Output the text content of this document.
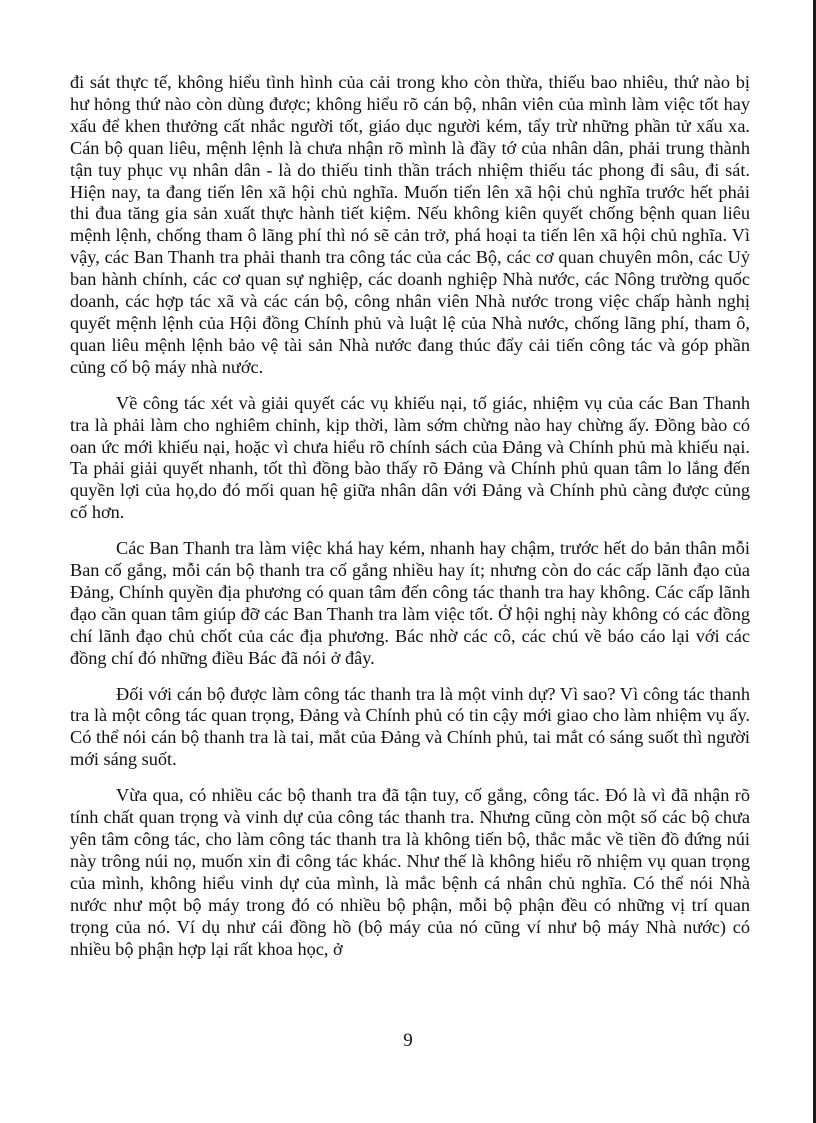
đi sát thực tế, không hiểu tình hình của cải trong kho còn thừa, thiếu bao nhiêu, thứ nào bị hư hỏng thứ nào còn dùng được; không hiểu rõ cán bộ, nhân viên của mình làm việc tốt hay xấu để khen thưởng cất nhắc người tốt, giáo dục người kém, tẩy trừ những phần tử xấu xa. Cán bộ quan liêu, mệnh lệnh là chưa nhận rõ mình là đầy tớ của nhân dân, phải trung thành tận tuy phục vụ nhân dân - là do thiếu tinh thần trách nhiệm thiếu tác phong đi sâu, đi sát. Hiện nay, ta đang tiến lên xã hội chủ nghĩa. Muốn tiến lên xã hội chủ nghĩa trước hết phải thi đua tăng gia sản xuất thực hành tiết kiệm. Nếu không kiên quyết chống bệnh quan liêu mệnh lệnh, chống tham ô lãng phí thì nó sẽ cản trở, phá hoại ta tiến lên xã hội chủ nghĩa. Vì vậy, các Ban Thanh tra phải thanh tra công tác của các Bộ, các cơ quan chuyên môn, các Uỷ ban hành chính, các cơ quan sự nghiệp, các doanh nghiệp Nhà nước, các Nông trường quốc doanh, các hợp tác xã và các cán bộ, công nhân viên Nhà nước trong việc chấp hành nghị quyết mệnh lệnh của Hội đồng Chính phủ và luật lệ của Nhà nước, chống lãng phí, tham ô, quan liêu mệnh lệnh bảo vệ tài sản Nhà nước đang thúc đẩy cải tiến công tác và góp phần củng cố bộ máy nhà nước.

Về công tác xét và giải quyết các vụ khiếu nại, tố giác, nhiệm vụ của các Ban Thanh tra là phải làm cho nghiêm chỉnh, kịp thời, làm sớm chừng nào hay chừng ấy. Đồng bào có oan ức mới khiếu nại, hoặc vì chưa hiểu rõ chính sách của Đảng và Chính phủ mà khiếu nại. Ta phải giải quyết nhanh, tốt thì đồng bào thấy rõ Đảng và Chính phủ quan tâm lo lắng đến quyền lợi của họ,do đó mối quan hệ giữa nhân dân với Đảng và Chính phủ càng được củng cố hơn.

Các Ban Thanh tra làm việc khá hay kém, nhanh hay chậm, trước hết do bản thân mỗi Ban cố gắng, mỗi cán bộ thanh tra cố gắng nhiều hay ít; nhưng còn do các cấp lãnh đạo của Đảng, Chính quyền địa phương có quan tâm đến công tác thanh tra hay không. Các cấp lãnh đạo cần quan tâm giúp đỡ các Ban Thanh tra làm việc tốt. Ở hội nghị này không có các đồng chí lãnh đạo chủ chốt của các địa phương. Bác nhờ các cô, các chú về báo cáo lại với các đồng chí đó những điều Bác đã nói ở đây.

Đối với cán bộ được làm công tác thanh tra là một vinh dự? Vì sao? Vì công tác thanh tra là một công tác quan trọng, Đảng và Chính phủ có tin cậy mới giao cho làm nhiệm vụ ấy. Có thể nói cán bộ thanh tra là tai, mắt của Đảng và Chính phủ, tai mắt có sáng suốt thì người mới sáng suốt.

Vừa qua, có nhiều các bộ thanh tra đã tận tuy, cố gắng, công tác. Đó là vì đã nhận rõ tính chất quan trọng và vinh dự của công tác thanh tra. Nhưng cũng còn một số các bộ chưa yên tâm công tác, cho làm công tác thanh tra là không tiến bộ, thắc mắc về tiền đồ đứng núi này trông núi nọ, muốn xin đi công tác khác. Như thế là không hiểu rõ nhiệm vụ quan trọng của mình, không hiểu vinh dự của mình, là mắc bệnh cá nhân chủ nghĩa. Có thể nói Nhà nước như một bộ máy trong đó có nhiều bộ phận, mỗi bộ phận đều có những vị trí quan trọng của nó. Ví dụ như cái đồng hồ (bộ máy của nó cũng ví như bộ máy Nhà nước) có nhiều bộ phận hợp lại rất khoa học, ở

9
